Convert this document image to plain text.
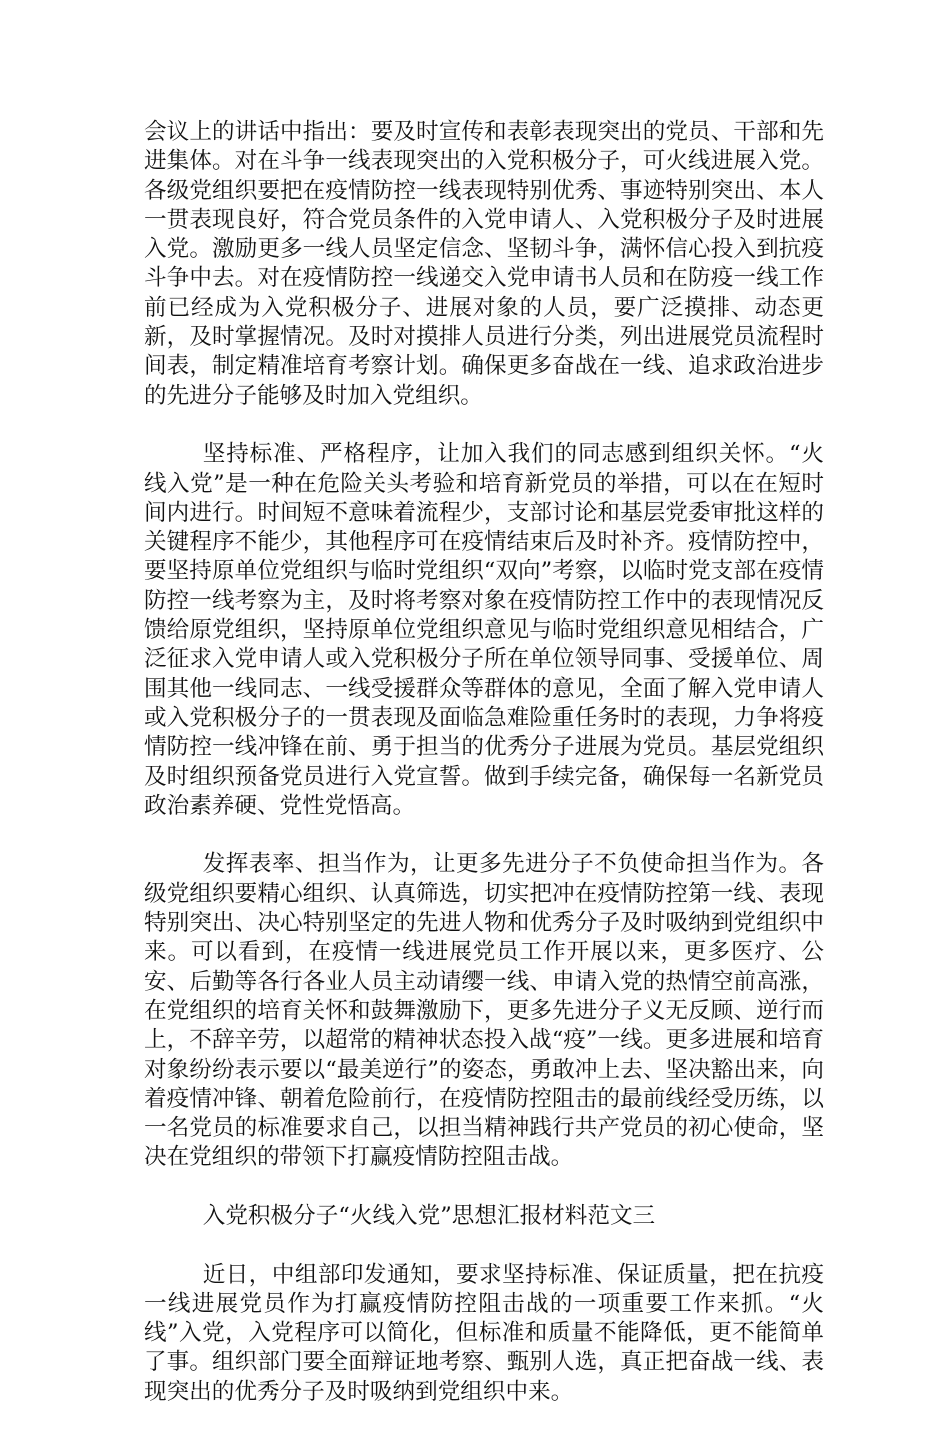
会议上的讲话中指出：要及时宣传和表彰表现突出的党员、干部和先进集体。对在斗争一线表现突出的入党积极分子，可火线进展入党。各级党组织要把在疫情防控一线表现特别优秀、事迹特别突出、本人一贯表现良好，符合党员条件的入党申请人、入党积极分子及时进展入党。激励更多一线人员坚定信念、坚韧斗争，满怀信心投入到抗疫斗争中去。对在疫情防控一线递交入党申请书人员和在防疫一线工作前已经成为入党积极分子、进展对象的人员，要广泛摸排、动态更新，及时掌握情况。及时对摸排人员进行分类，列出进展党员流程时间表，制定精准培育考察计划。确保更多奋战在一线、追求政治进步的先进分子能够及时加入党组织。

坚持标准、严格程序，让加入我们的同志感到组织关怀。“火线入党”是一种在危险关头考验和培育新党员的举措，可以在在短时间内进行。时间短不意味着流程少，支部讨论和基层党委审批这样的关键程序不能少，其他程序可在疫情结束后及时补齐。疫情防控中，要坚持原单位党组织与临时党组织“双向”考察，以临时党支部在疫情防控一线考察为主，及时将考察对象在疫情防控工作中的表现情况反馈给原党组织，坚持原单位党组织意见与临时党组织意见相结合，广泛征求入党申请人或入党积极分子所在单位领导同事、受援单位、周围其他一线同志、一线受援群众等群体的意见，全面了解入党申请人或入党积极分子的一贯表现及面临急难险重任务时的表现，力争将疫情防控一线冲锋在前、勇于担当的优秀分子进展为党员。基层党组织及时组织预备党员进行入党宣誓。做到手续完备，确保每一名新党员政治素养硬、党性党悟高。

发挥表率、担当作为，让更多先进分子不负使命担当作为。各级党组织要精心组织、认真筛选，切实把冲在疫情防控第一线、表现特别突出、决心特别坚定的先进人物和优秀分子及时吸纳到党组织中来。可以看到，在疫情一线进展党员工作开展以来，更多医疗、公安、后勤等各行各业人员主动请缨一线、申请入党的热情空前高涨，在党组织的培育关怀和鼓舞激励下，更多先进分子义无反顾、逆行而上，不辞辛劳，以超常的精神状态投入战“疫”一线。更多进展和培育对象纷纷表示要以“最美逆行”的姿态，勇敢冲上去、坚决豁出来，向着疫情冲锋、朝着危险前行，在疫情防控阻击的最前线经受历练，以一名党员的标准要求自己，以担当精神践行共产党员的初心使命，坚决在党组织的带领下打赢疫情防控阻击战。

入党积极分子“火线入党”思想汇报材料范文三

近日，中组部印发通知，要求坚持标准、保证质量，把在抗疫一线进展党员作为打赢疫情防控阻击战的一项重要工作来抓。“火线”入党，入党程序可以简化，但标准和质量不能降低，更不能简单了事。组织部门要全面辩证地考察、甄别人选，真正把奋战一线、表现突出的优秀分子及时吸纳到党组织中来。
